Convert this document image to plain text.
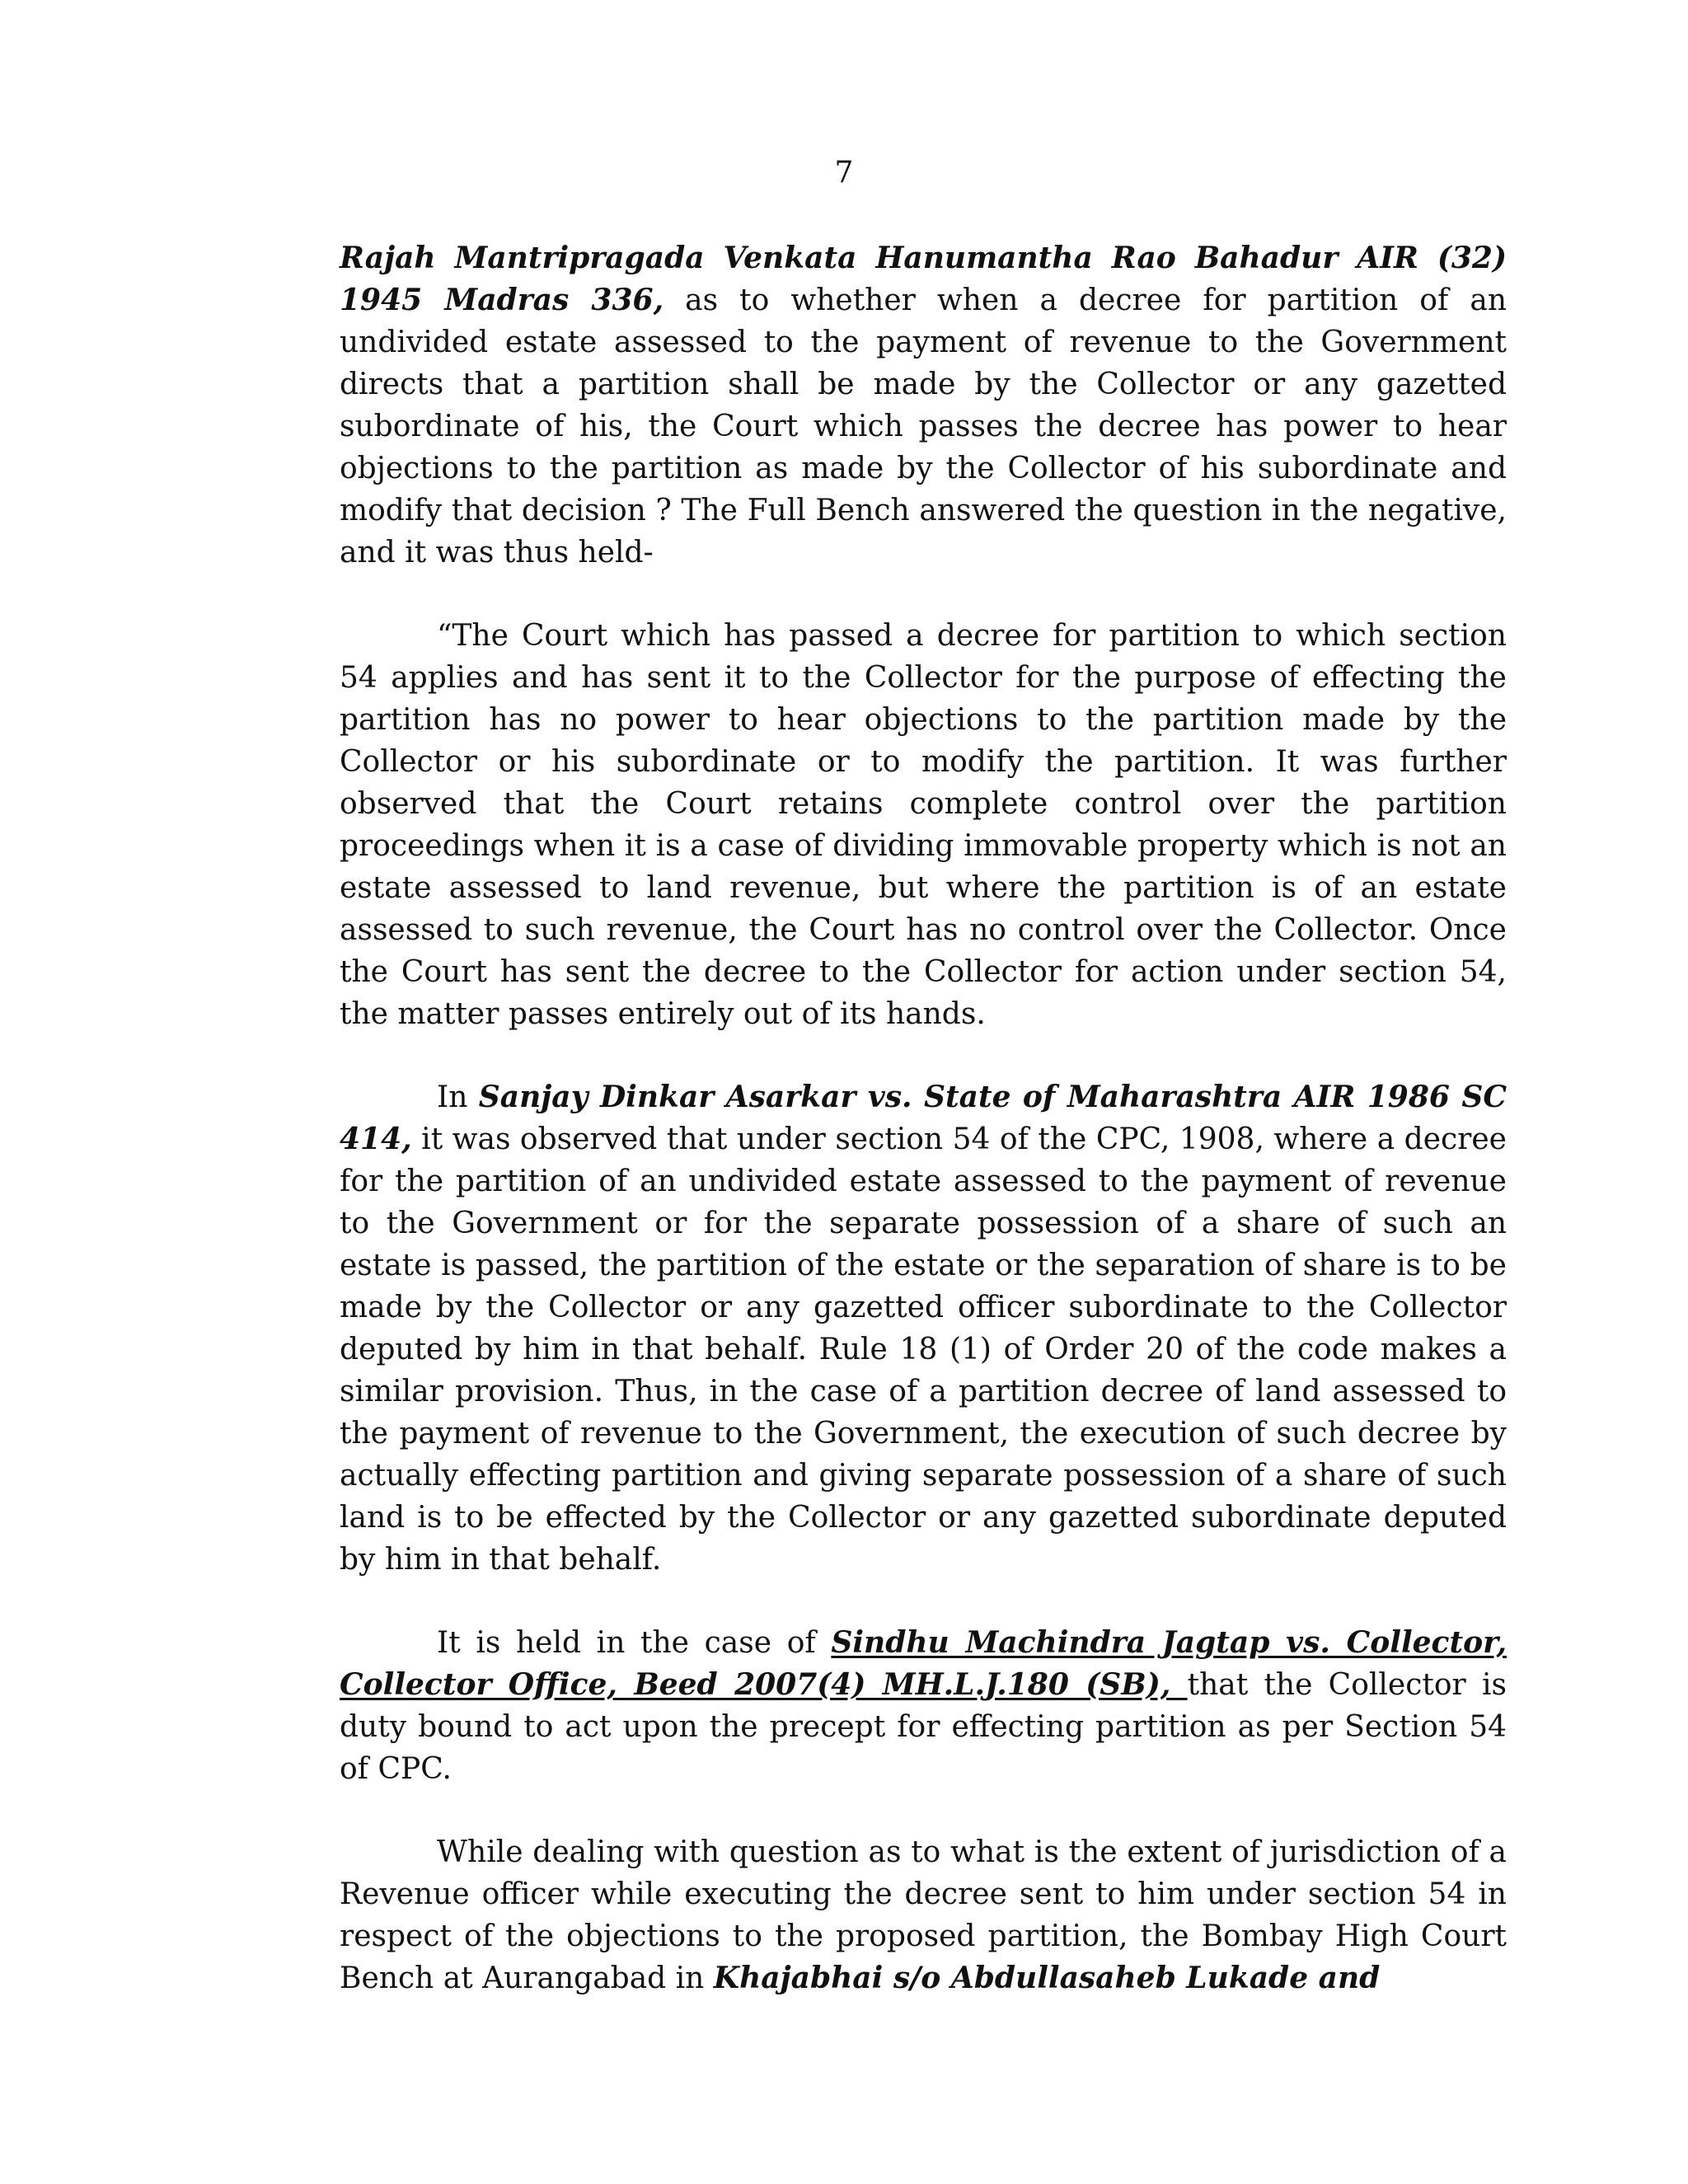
7

Rajah Mantripragada Venkata Hanumantha Rao Bahadur AIR (32) 1945 Madras 336, as to whether when a decree for partition of an undivided estate assessed to the payment of revenue to the Government directs that a partition shall be made by the Collector or any gazetted subordinate of his, the Court which passes the decree has power to hear objections to the partition as made by the Collector of his subordinate and modify that decision ? The Full Bench answered the question in the negative, and it was thus held-

“The Court which has passed a decree for partition to which section 54 applies and has sent it to the Collector for the purpose of effecting the partition has no power to hear objections to the partition made by the Collector or his subordinate or to modify the partition. It was further observed that the Court retains complete control over the partition proceedings when it is a case of dividing immovable property which is not an estate assessed to land revenue, but where the partition is of an estate assessed to such revenue, the Court has no control over the Collector. Once the Court has sent the decree to the Collector for action under section 54, the matter passes entirely out of its hands.

In Sanjay Dinkar Asarkar vs. State of Maharashtra AIR 1986 SC 414, it was observed that under section 54 of the CPC, 1908, where a decree for the partition of an undivided estate assessed to the payment of revenue to the Government or for the separate possession of a share of such an estate is passed, the partition of the estate or the separation of share is to be made by the Collector or any gazetted officer subordinate to the Collector deputed by him in that behalf. Rule 18 (1) of Order 20 of the code makes a similar provision. Thus, in the case of a partition decree of land assessed to the payment of revenue to the Government, the execution of such decree by actually effecting partition and giving separate possession of a share of such land is to be effected by the Collector or any gazetted subordinate deputed by him in that behalf.

It is held in the case of Sindhu Machindra Jagtap vs. Collector, Collector Office, Beed 2007(4) MH.L.J.180 (SB), that the Collector is duty bound to act upon the precept for effecting partition as per Section 54 of CPC.

While dealing with question as to what is the extent of jurisdiction of a Revenue officer while executing the decree sent to him under section 54 in respect of the objections to the proposed partition, the Bombay High Court Bench at Aurangabad in Khajabhai s/o Abdullasaheb Lukade and
